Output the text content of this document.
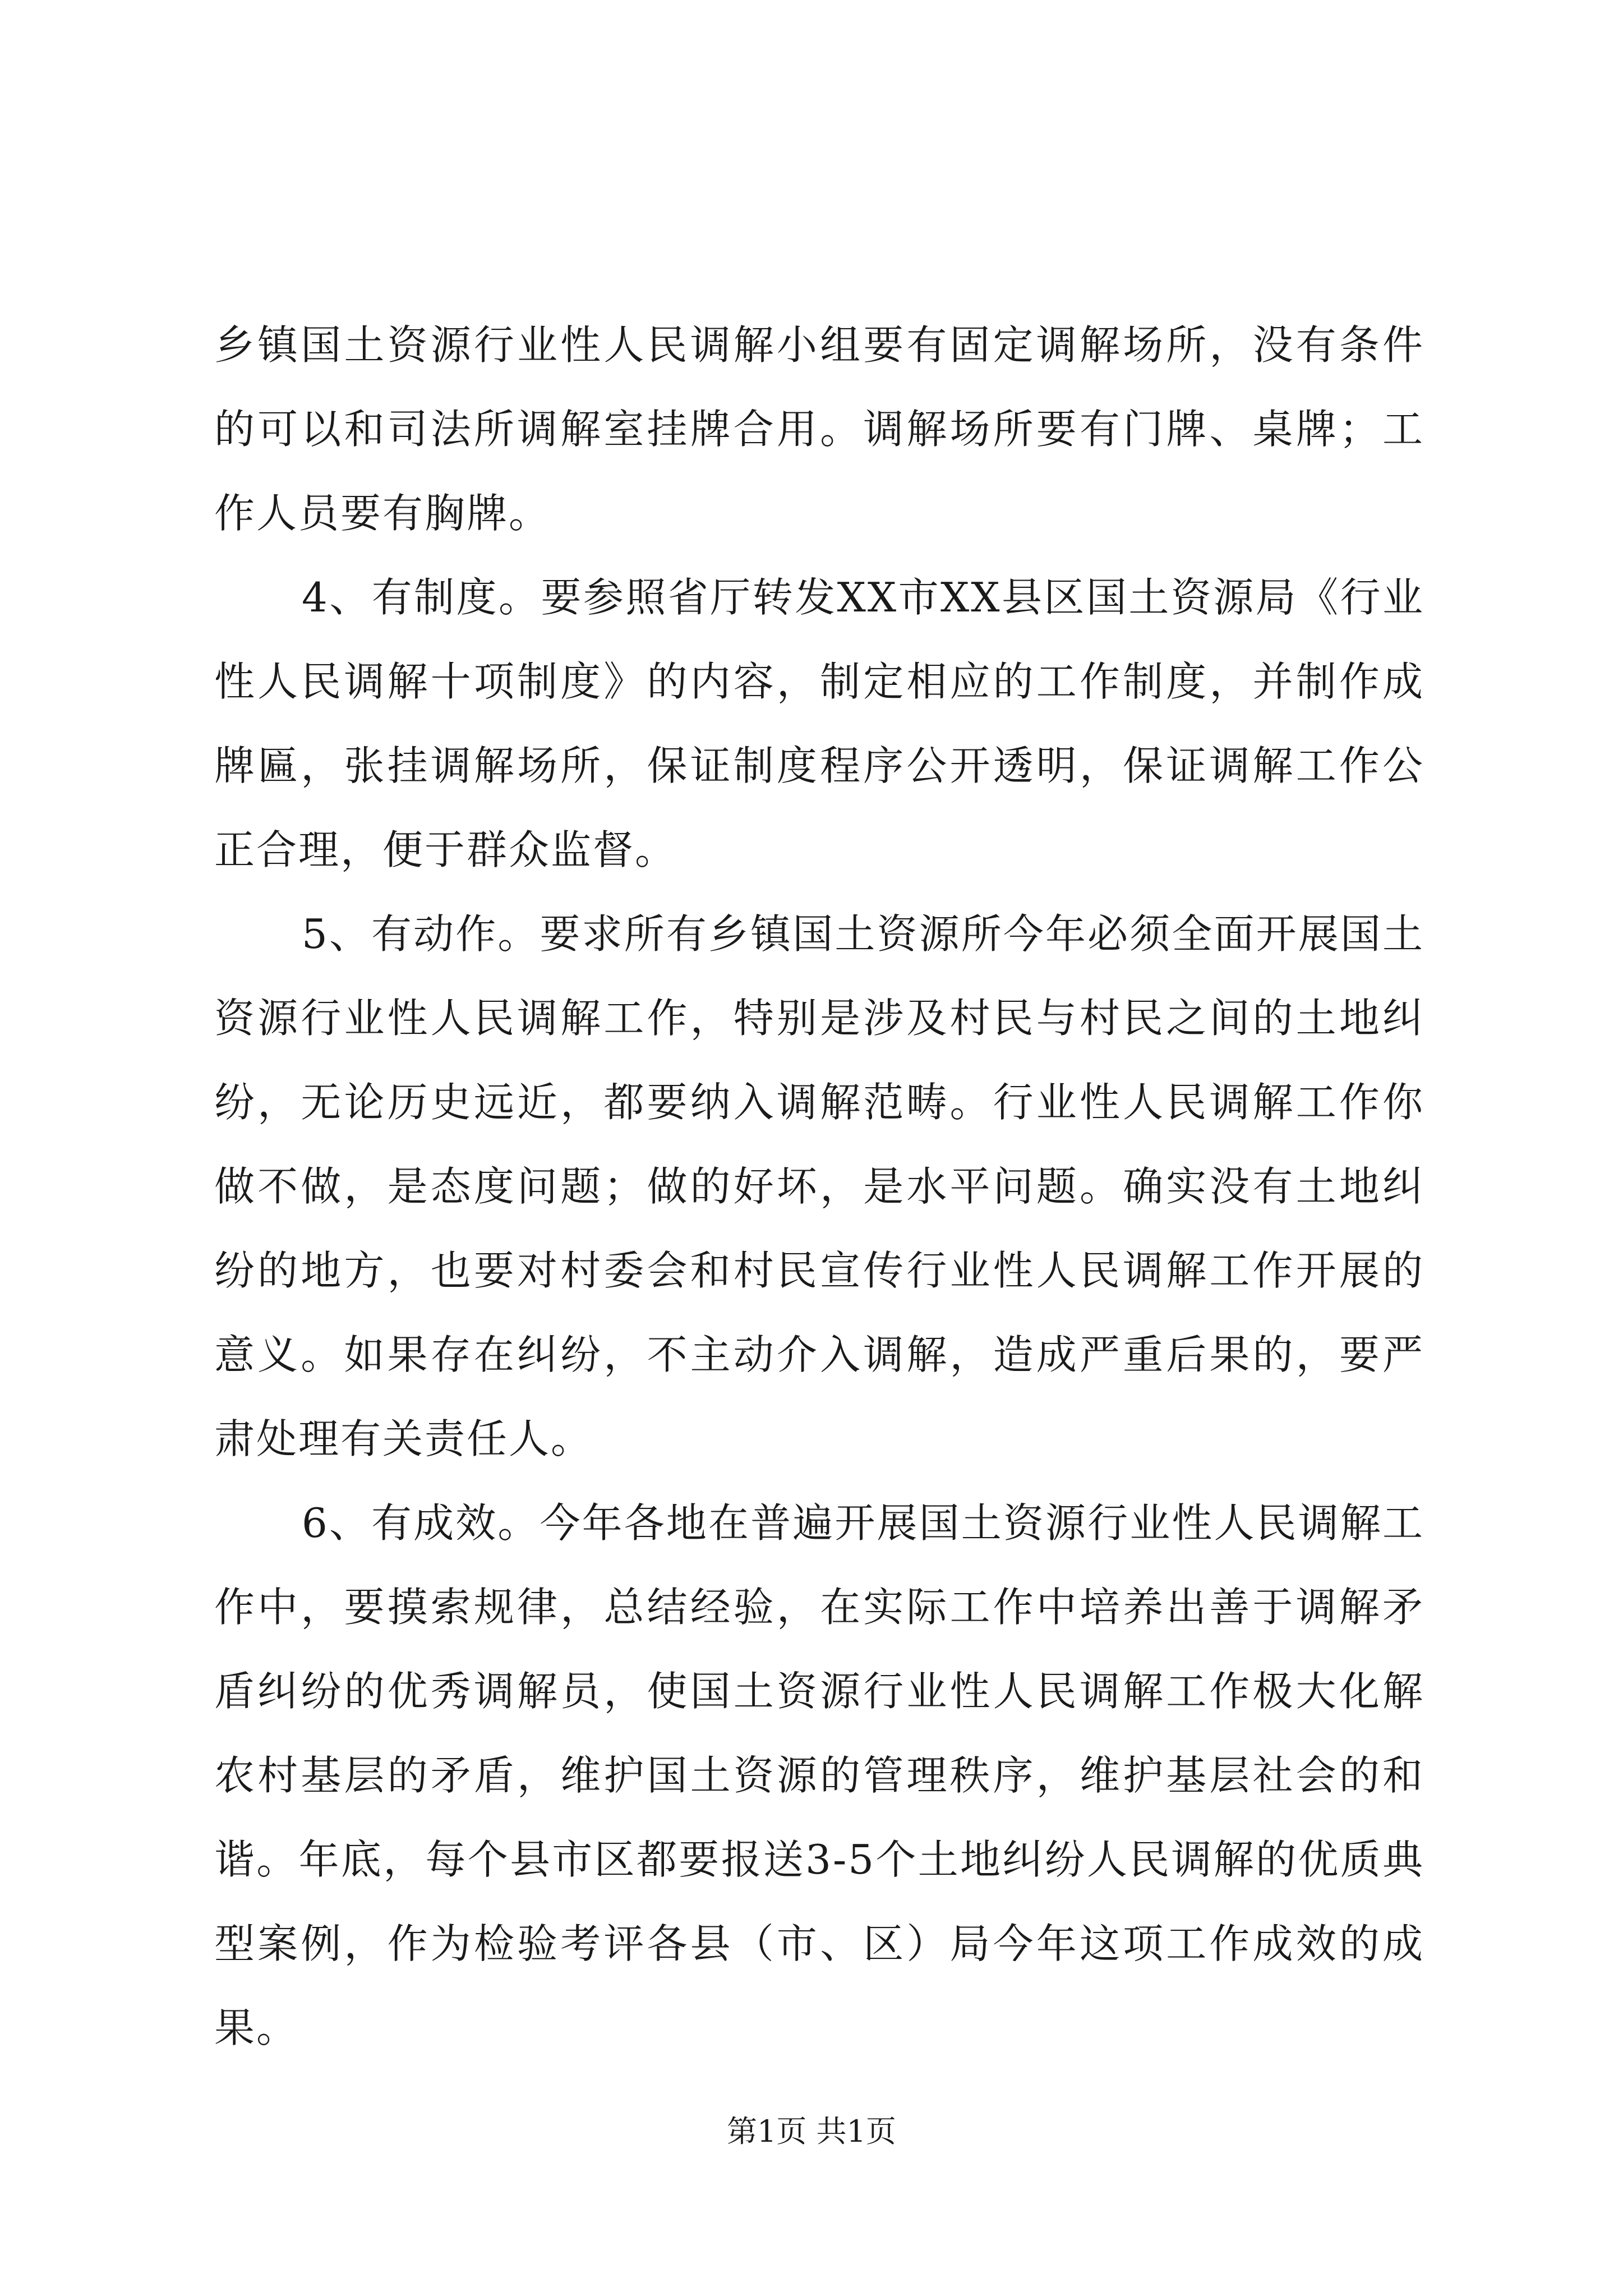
乡镇国土资源行业性人民调解小组要有固定调解场所，没有条件的可以和司法所调解室挂牌合用。调解场所要有门牌、桌牌；工作人员要有胸牌。

4、有制度。要参照省厅转发XX市XX县区国土资源局《行业性人民调解十项制度》的内容，制定相应的工作制度，并制作成牌匾，张挂调解场所，保证制度程序公开透明，保证调解工作公正合理，便于群众监督。

5、有动作。要求所有乡镇国土资源所今年必须全面开展国土资源行业性人民调解工作，特别是涉及村民与村民之间的土地纠纷，无论历史远近，都要纳入调解范畴。行业性人民调解工作你做不做，是态度问题；做的好坏，是水平问题。确实没有土地纠纷的地方，也要对村委会和村民宣传行业性人民调解工作开展的意义。如果存在纠纷，不主动介入调解，造成严重后果的，要严肃处理有关责任人。

6、有成效。今年各地在普遍开展国土资源行业性人民调解工作中，要摸索规律，总结经验，在实际工作中培养出善于调解矛盾纠纷的优秀调解员，使国土资源行业性人民调解工作极大化解农村基层的矛盾，维护国土资源的管理秩序，维护基层社会的和谐。年底，每个县市区都要报送3-5个土地纠纷人民调解的优质典型案例，作为检验考评各县（市、区）局今年这项工作成效的成果。

第1页 共1页
